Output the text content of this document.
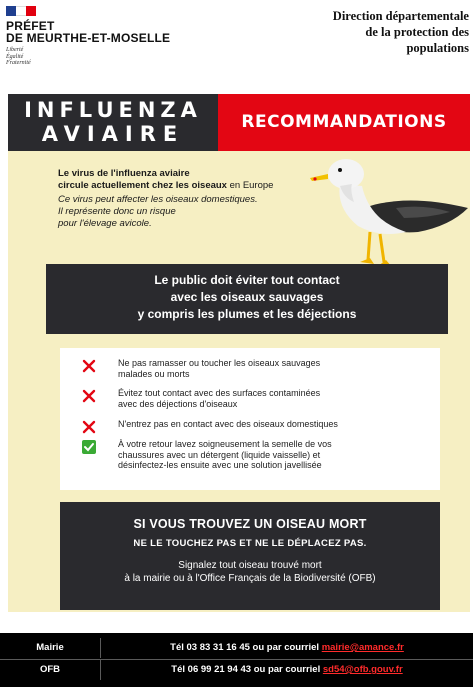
PRÉFET
DE MEURTHE-ET-MOSELLE
Liberté
Égalité
Fraternité
Direction départementale
de la protection des
populations
INFLUENZA
AVIAIRE	RECOMMANDATIONS
Le virus de l'influenza aviaire
circule actuellement chez les oiseaux en Europe
Ce virus peut affecter les oiseaux domestiques.
Il représente donc un risque
pour l'élevage avicole.
Le public doit éviter tout contact
avec les oiseaux sauvages
y compris les plumes et les déjections
Ne pas ramasser ou toucher les oiseaux sauvages
malades ou morts
Évitez tout contact avec des surfaces contaminées
avec des déjections d'oiseaux
N'entrez pas en contact avec des oiseaux domestiques
À votre retour lavez soigneusement la semelle de vos
chaussures avec un détergent (liquide vaisselle) et
désinfectez-les ensuite avec une solution javellisée
SI VOUS TROUVEZ UN OISEAU MORT
NE LE TOUCHEZ PAS ET NE LE DÉPLACEZ PAS.
Signalez tout oiseau trouvé mort
à la mairie ou à l'Office Français de la Biodiversité (OFB)
Mairie	Tél 03 83 31 16 45 ou par courriel mairie@amance.fr
OFB	Tél 06 99 21 94 43 ou par courriel sd54@ofb.gouv.fr
